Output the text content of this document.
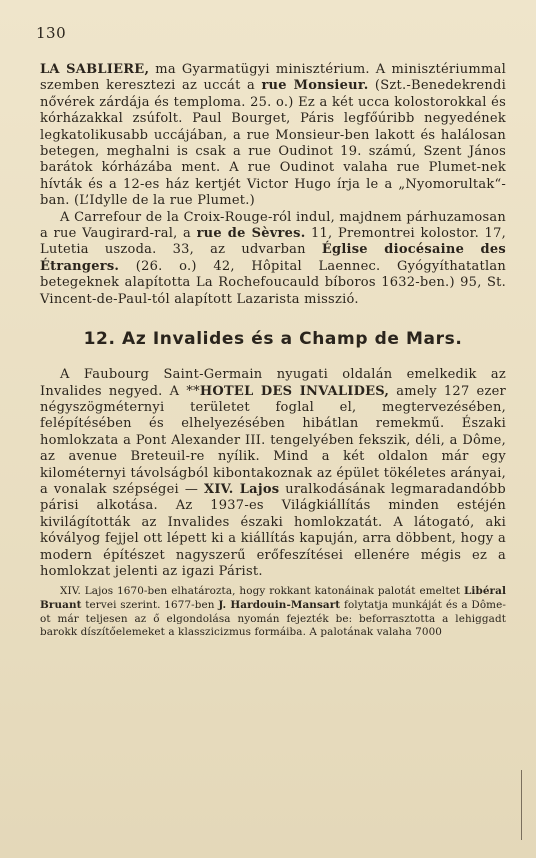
130

LA SABLIERE, ma Gyarmatügyi minisztérium. A minisztériummal szemben keresztezi az uccát a rue Monsieur. (Szt.-Benedekrendi nővérek zárdája és temploma. 25. o.) Ez a két ucca kolostorokkal és kórházakkal zsúfolt. Paul Bourget, Páris legfőúribb negyedének legkatolikusabb uccájában, a rue Monsieur-ben lakott és halálosan betegen, meghalni is csak a rue Oudinot 19. számú, Szent János barátok kórházába ment. A rue Oudinot valaha rue Plumet-nek hívták és a 12-es ház kertjét Victor Hugo írja le a „Nyomorultak“-ban. (L’Idylle de la rue Plumet.)

A Carrefour de la Croix-Rouge-ról indul, majdnem párhuzamosan a rue Vaugirard-ral, a rue de Sèvres. 11, Premontrei kolostor. 17, Lutetia uszoda. 33, az udvarban Église diocésaine des Étrangers. (26. o.) 42, Hôpital Laennec. Gyógyíthatatlan betegeknek alapította La Rochefoucauld bíboros 1632-ben.) 95, St. Vincent-de-Paul-tól alapított Lazarista misszió.

12. Az Invalides és a Champ de Mars.

A Faubourg Saint-Germain nyugati oldalán emelkedik az Invalides negyed. A **HOTEL DES INVALIDES, amely 127 ezer négyszögméternyi területet foglal el, megtervezésében, felépítésében és elhelyezésében hibátlan remekmű. Északi homlokzata a Pont Alexander III. tengelyében fekszik, déli, a Dôme, az avenue Breteuil-re nyílik. Mind a két oldalon már egy kilométernyi távolságból kibontakoznak az épület tökéletes arányai, a vonalak szépségei — XIV. Lajos uralkodásának legmaradandóbb párisi alkotása. Az 1937-es Világkiállítás minden estéjén kivilágították az Invalides északi homlokzatát. A látogató, aki kóvályog fejjel ott lépett ki a kiállítás kapuján, arra döbbent, hogy a modern építészet nagyszerű erőfeszítései ellenére mégis ez a homlokzat jelenti az igazi Párist.

XIV. Lajos 1670-ben elhatározta, hogy rokkant katonáinak palotát emeltet Libéral Bruant tervei szerint. 1677-ben J. Hardouin-Mansart folytatja munkáját és a Dôme-ot már teljesen az ő elgondolása nyomán fejezték be: beforrasztotta a lehiggadt barokk díszítőelemeket a klasszicizmus formáiba. A palotának valaha 7000
